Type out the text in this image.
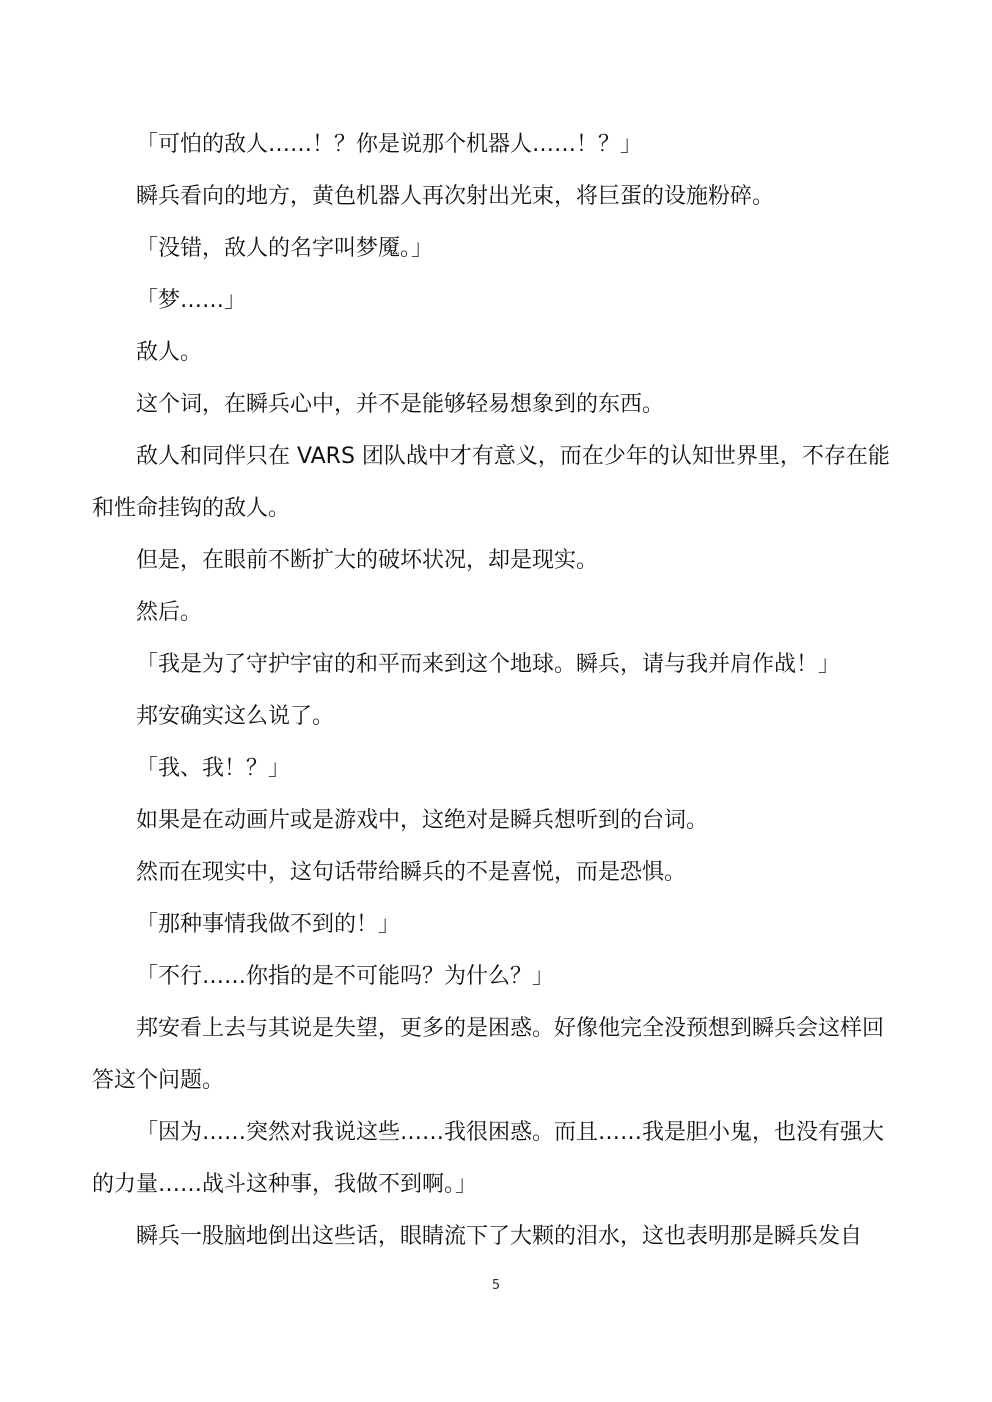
「可怕的敌人……！？你是说那个机器人……！？」

瞬兵看向的地方，黄色机器人再次射出光束，将巨蛋的设施粉碎。

「没错，敌人的名字叫梦魇。」

「梦……」

敌人。

这个词，在瞬兵心中，并不是能够轻易想象到的东西。

敌人和同伴只在 VARS 团队战中才有意义，而在少年的认知世界里，不存在能和性命挂钩的敌人。

但是，在眼前不断扩大的破坏状况，却是现实。

然后。

「我是为了守护宇宙的和平而来到这个地球。瞬兵，请与我并肩作战！」

邦安确实这么说了。

「我、我！？」

如果是在动画片或是游戏中，这绝对是瞬兵想听到的台词。

然而在现实中，这句话带给瞬兵的不是喜悦，而是恐惧。

「那种事情我做不到的！」

「不行……你指的是不可能吗？为什么？」

邦安看上去与其说是失望，更多的是困惑。好像他完全没预想到瞬兵会这样回答这个问题。

「因为……突然对我说这些……我很困惑。而且……我是胆小鬼，也没有强大的力量……战斗这种事，我做不到啊。」

瞬兵一股脑地倒出这些话，眼睛流下了大颗的泪水，这也表明那是瞬兵发自

5
